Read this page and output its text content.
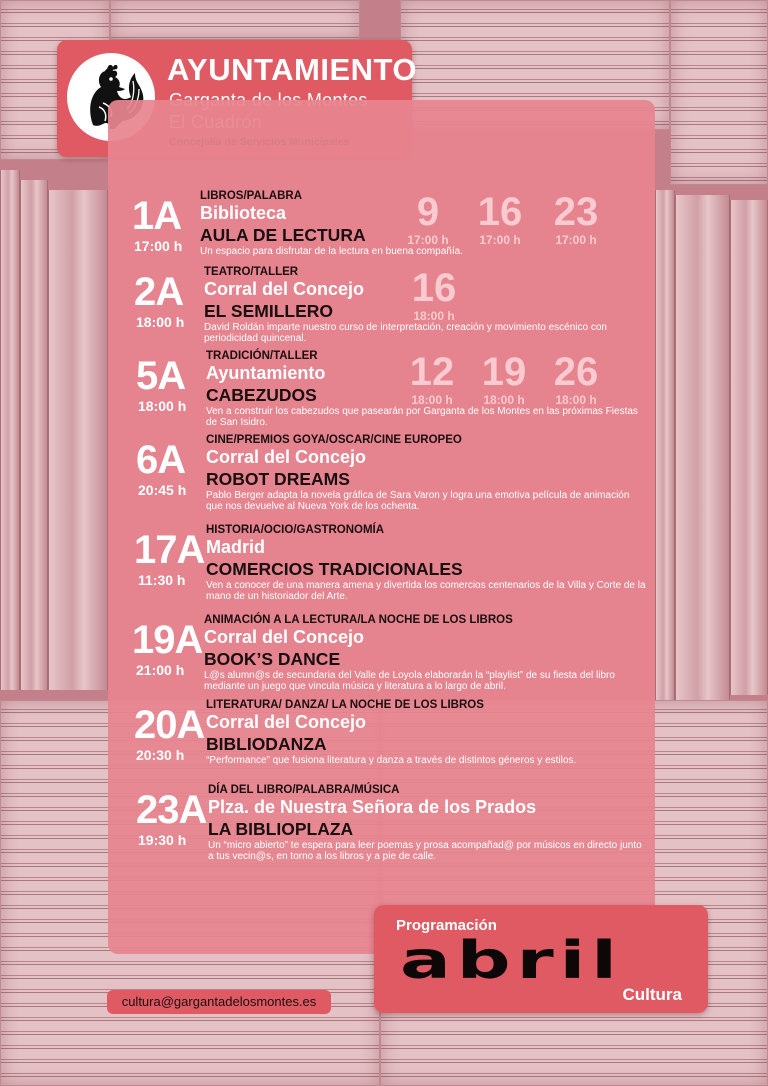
AYUNTAMIENTO
1A
17:00 h
LIBROS/PALABRA
Biblioteca
AULA DE LECTURA
Un espacio para disfrutar de la lectura en buena compañía.
9
17:00 h
16
17:00 h
23
17:00 h
2A
18:00 h
TEATRO/TALLER
Corral del Concejo
EL SEMILLERO
David Roldán imparte nuestro curso de interpretación, creación y movimiento escénico con periodicidad quincenal.
16
18:00 h
5A
18:00 h
TRADICIÓN/TALLER
Ayuntamiento
CABEZUDOS
Ven a construir los cabezudos que pasearán por Garganta de los Montes en las próximas Fiestas de San Isidro.
12
18:00 h
19
18:00 h
26
18:00 h
6A
20:45 h
CINE/PREMIOS GOYA/OSCAR/CINE EUROPEO
Corral del Concejo
ROBOT DREAMS
Pablo Berger adapta la novela gráfica de Sara Varon y logra una emotiva película de animación que nos devuelve al Nueva York de los ochenta.
17A
11:30 h
HISTORIA/OCIO/GASTRONOMÍA
Madrid
COMERCIOS TRADICIONALES
Ven a conocer de una manera amena y divertida los comercios centenarios de la Villa y Corte de la mano de un historiador del Arte.
19A
21:00 h
ANIMACIÓN A LA LECTURA/LA NOCHE DE LOS LIBROS
Corral del Concejo
BOOK’S DANCE
L@s alumn@s de secundaria del Valle de Loyola elaborarán la “playlist” de su fiesta del libro mediante un juego que vincula música y literatura a lo largo de abril.
20A
20:30 h
LITERATURA/ DANZA/ LA NOCHE DE LOS LIBROS
Corral del Concejo
BIBLIODANZA
“Performance” que fusiona literatura y danza a través de distintos géneros y estilos.
23A
19:30 h
DÍA DEL LIBRO/PALABRA/MÚSICA
Plza. de Nuestra Señora de los Prados
LA BIBLIOPLAZA
Un “micro abierto” te espera para leer poemas y prosa acompañad@ por músicos en directo junto a tus vecin@s, en torno a los libros y a pie de calle.
Programación
abril
Cultura
cultura@gargantadelosmontes.es
